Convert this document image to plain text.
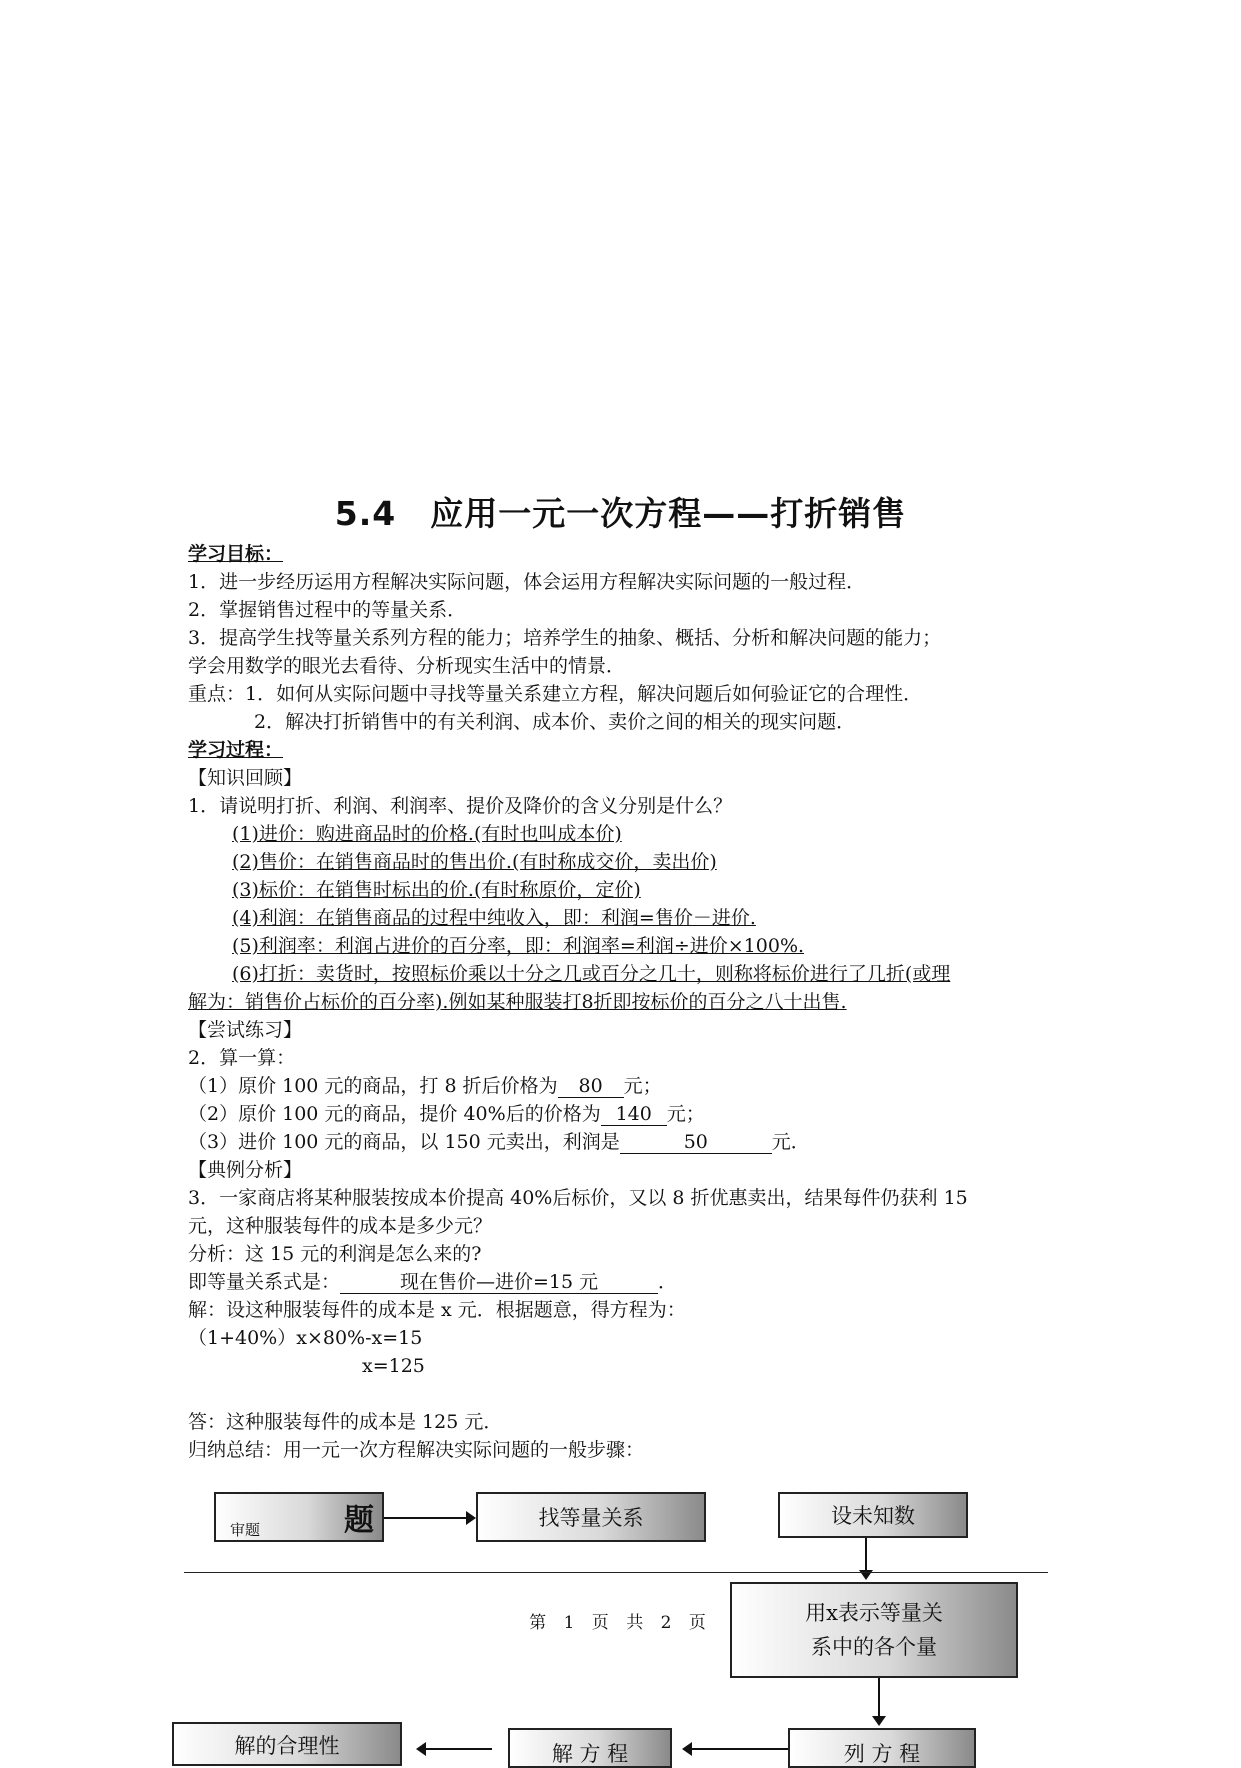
5.4　应用一元一次方程——打折销售
学习目标：
1．进一步经历运用方程解决实际问题，体会运用方程解决实际问题的一般过程．
2．掌握销售过程中的等量关系．
3．提高学生找等量关系列方程的能力；培养学生的抽象、概括、分析和解决问题的能力；
学会用数学的眼光去看待、分析现实生活中的情景．
重点：1．如何从实际问题中寻找等量关系建立方程，解决问题后如何验证它的合理性．
2．解决打折销售中的有关利润、成本价、卖价之间的相关的现实问题．
学习过程：
【知识回顾】
1．请说明打折、利润、利润率、提价及降价的含义分别是什么？
(1)进价：购进商品时的价格.(有时也叫成本价)
(2)售价：在销售商品时的售出价.(有时称成交价，卖出价)
(3)标价：在销售时标出的价.(有时称原价，定价)
(4)利润：在销售商品的过程中纯收入，即：利润=售价－进价.
(5)利润率：利润占进价的百分率，即：利润率=利润÷进价×100%.
(6)打折：卖货时，按照标价乘以十分之几或百分之几十，则称将标价进行了几折(或理
解为：销售价占标价的百分率).例如某种服装打8折即按标价的百分之八十出售.
【尝试练习】
2．算一算：
（1）原价 100 元的商品，打 8 折后价格为 80 元；
（2）原价 100 元的商品，提价 40%后的价格为 140 元；
（3）进价 100 元的商品，以 150 元卖出，利润是	50	元．
【典例分析】
3．一家商店将某种服装按成本价提高 40%后标价，又以 8 折优惠卖出，结果每件仍获利 15
元，这种服装每件的成本是多少元？
分析：这 15 元的利润是怎么来的?
即等量关系式是：	现在售价—进价=15 元	．
解：设这种服装每件的成本是 x 元．根据题意，得方程为：
（1+40%）x×80%-x=15
x=125
答：这种服装每件的成本是 125 元．
归纳总结：用一元一次方程解决实际问题的一般步骤：
审题	题	找等量关系	设未知数
用x表示等量关
系中的各个量
列 方 程
解 方 程
解的合理性
第 1 页 共 2 页
